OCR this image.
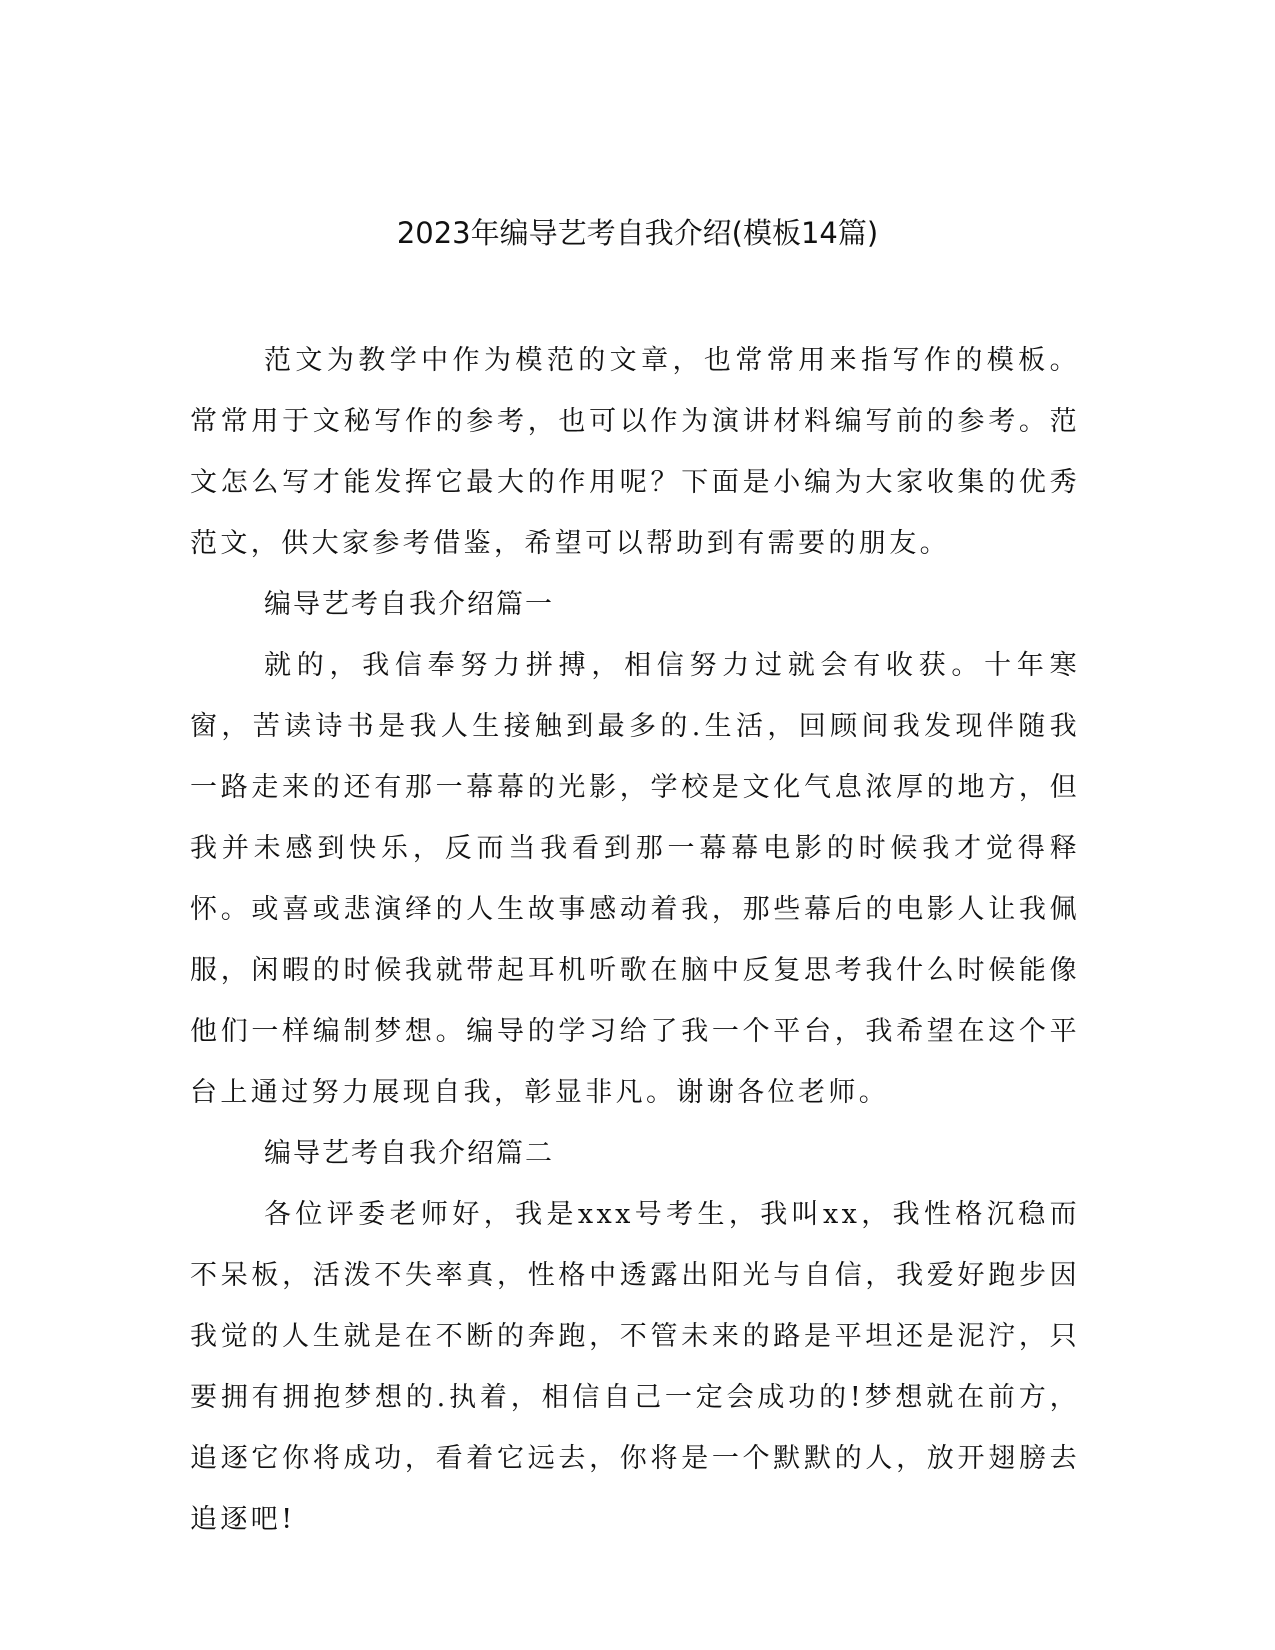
2023年编导艺考自我介绍(模板14篇)

范文为教学中作为模范的文章，也常常用来指写作的模板。常常用于文秘写作的参考，也可以作为演讲材料编写前的参考。范文怎么写才能发挥它最大的作用呢？下面是小编为大家收集的优秀范文，供大家参考借鉴，希望可以帮助到有需要的朋友。

编导艺考自我介绍篇一

就的，我信奉努力拼搏，相信努力过就会有收获。十年寒窗，苦读诗书是我人生接触到最多的.生活，回顾间我发现伴随我一路走来的还有那一幕幕的光影，学校是文化气息浓厚的地方，但我并未感到快乐，反而当我看到那一幕幕电影的时候我才觉得释怀。或喜或悲演绎的人生故事感动着我，那些幕后的电影人让我佩服，闲暇的时候我就带起耳机听歌在脑中反复思考我什么时候能像他们一样编制梦想。编导的学习给了我一个平台，我希望在这个平台上通过努力展现自我，彰显非凡。谢谢各位老师。

编导艺考自我介绍篇二

各位评委老师好，我是xxx号考生，我叫xx，我性格沉稳而不呆板，活泼不失率真，性格中透露出阳光与自信，我爱好跑步因我觉的人生就是在不断的奔跑，不管未来的路是平坦还是泥泞，只要拥有拥抱梦想的.执着，相信自己一定会成功的!梦想就在前方，追逐它你将成功，看着它远去，你将是一个默默的人，放开翅膀去追逐吧!
